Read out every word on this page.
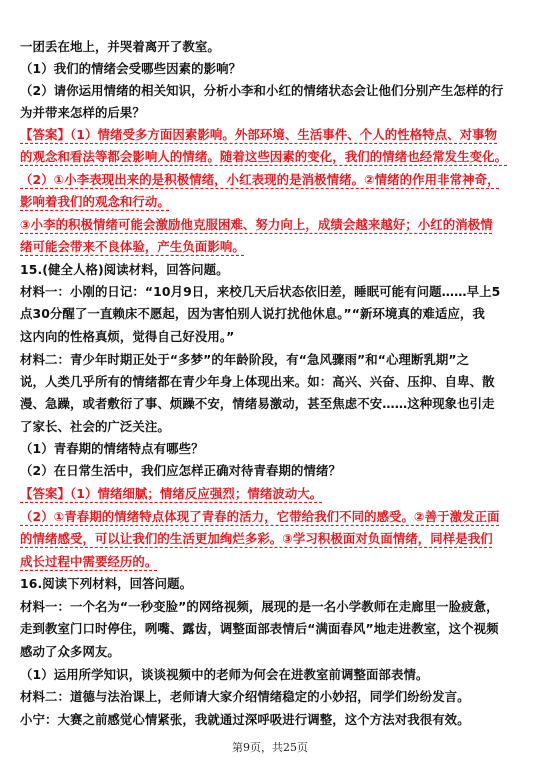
一团丢在地上，并哭着离开了教室。
（1）我们的情绪会受哪些因素的影响？
（2）请你运用情绪的相关知识，分析小李和小红的情绪状态会让他们分别产生怎样的行
为并带来怎样的后果？
【答案】（1）情绪受多方面因素影响。外部环境、生活事件、个人的性格特点、对事物
的观念和看法等都会影响人的情绪。随着这些因素的变化，我们的情绪也经常发生变化。
（2）①小李表现出来的是积极情绪，小红表现的是消极情绪。②情绪的作用非常神奇，
影响着我们的观念和行动。
③小李的积极情绪可能会激励他克服困难、努力向上，成绩会越来越好；小红的消极情
绪可能会带来不良体验，产生负面影响。
15.(健全人格)阅读材料，回答问题。
材料一：小刚的日记：“10月9日，来校几天后状态依旧差，睡眠可能有问题……早上5
点30分醒了一直赖床不愿起，因为害怕别人说打扰他休息。”“新环境真的难适应，我
这内向的性格真烦，觉得自己好没用。”
材料二：青少年时期正处于“多梦”的年龄阶段，有“急风骤雨”和“心理断乳期”之
说，人类几乎所有的情绪都在青少年身上体现出来。如：高兴、兴奋、压抑、自卑、散
漫、急躁，或者敷衍了事、烦躁不安，情绪易激动，甚至焦虑不安……这种现象也引走
了家长、社会的广泛关注。
（1）青春期的情绪特点有哪些？
（2）在日常生活中，我们应怎样正确对待青春期的情绪？
【答案】（1）情绪细腻；情绪反应强烈；情绪波动大。
（2）①青春期的情绪特点体现了青春的活力，它带给我们不同的感受。②善于激发正面
的情绪感受，可以让我们的生活更加绚烂多彩。③学习积极面对负面情绪，同样是我们
成长过程中需要经历的。
16.阅读下列材料，回答问题。
材料一：一个名为“一秒变脸”的网络视频，展现的是一名小学教师在走廊里一脸疲惫，
走到教室门口时停住，咧嘴、露齿，调整面部表情后“满面春风”地走进教室，这个视频
感动了众多网友。
（1）运用所学知识，谈谈视频中的老师为何会在进教室前调整面部表情。
材料二：道德与法治课上，老师请大家介绍情绪稳定的小妙招，同学们纷纷发言。
小宁：大赛之前感觉心情紧张，我就通过深呼吸进行调整，这个方法对我很有效。
第9页，共25页
